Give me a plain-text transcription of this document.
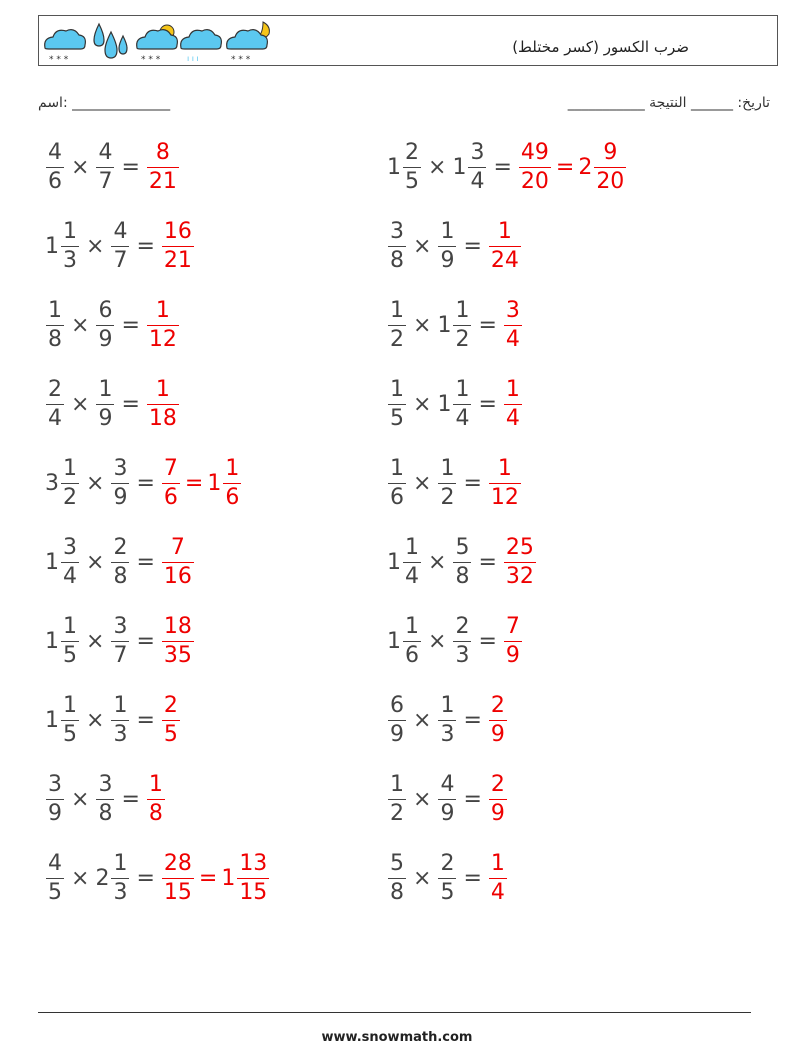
* * *	* * *	ı ı ı	* * *
ضرب الكسور (كسر مختلط)
اسم: ______________	تاريخ: ______ النتيجة ___________
$\frac{4}{6} \times \frac{4}{7} = \frac{8}{21}$	$1 \frac{2}{5} \times 1 \frac{3}{4} = \frac{49}{20} = 2 \frac{9}{20}$
$1 \frac{1}{3} \times \frac{4}{7} = \frac{16}{21}$	$\frac{3}{8} \times \frac{1}{9} = \frac{1}{24}$
$\frac{1}{8} \times \frac{6}{9} = \frac{1}{12}$	$\frac{1}{2} \times 1 \frac{1}{2} = \frac{3}{4}$
$\frac{2}{4} \times \frac{1}{9} = \frac{1}{18}$	$\frac{1}{5} \times 1 \frac{1}{4} = \frac{1}{4}$
$3 \frac{1}{2} \times \frac{3}{9} = \frac{7}{6} = 1 \frac{1}{6}$	$\frac{1}{6} \times \frac{1}{2} = \frac{1}{12}$
$1 \frac{3}{4} \times \frac{2}{8} = \frac{7}{16}$	$1 \frac{1}{4} \times \frac{5}{8} = \frac{25}{32}$
$1 \frac{1}{5} \times \frac{3}{7} = \frac{18}{35}$	$1 \frac{1}{6} \times \frac{2}{3} = \frac{7}{9}$
$1 \frac{1}{5} \times \frac{1}{3} = \frac{2}{5}$	$\frac{6}{9} \times \frac{1}{3} = \frac{2}{9}$
$\frac{3}{9} \times \frac{3}{8} = \frac{1}{8}$	$\frac{1}{2} \times \frac{4}{9} = \frac{2}{9}$
$\frac{4}{5} \times 2 \frac{1}{3} = \frac{28}{15} = 1 \frac{13}{15}$	$\frac{5}{8} \times \frac{2}{5} = \frac{1}{4}$
www.snowmath.com
